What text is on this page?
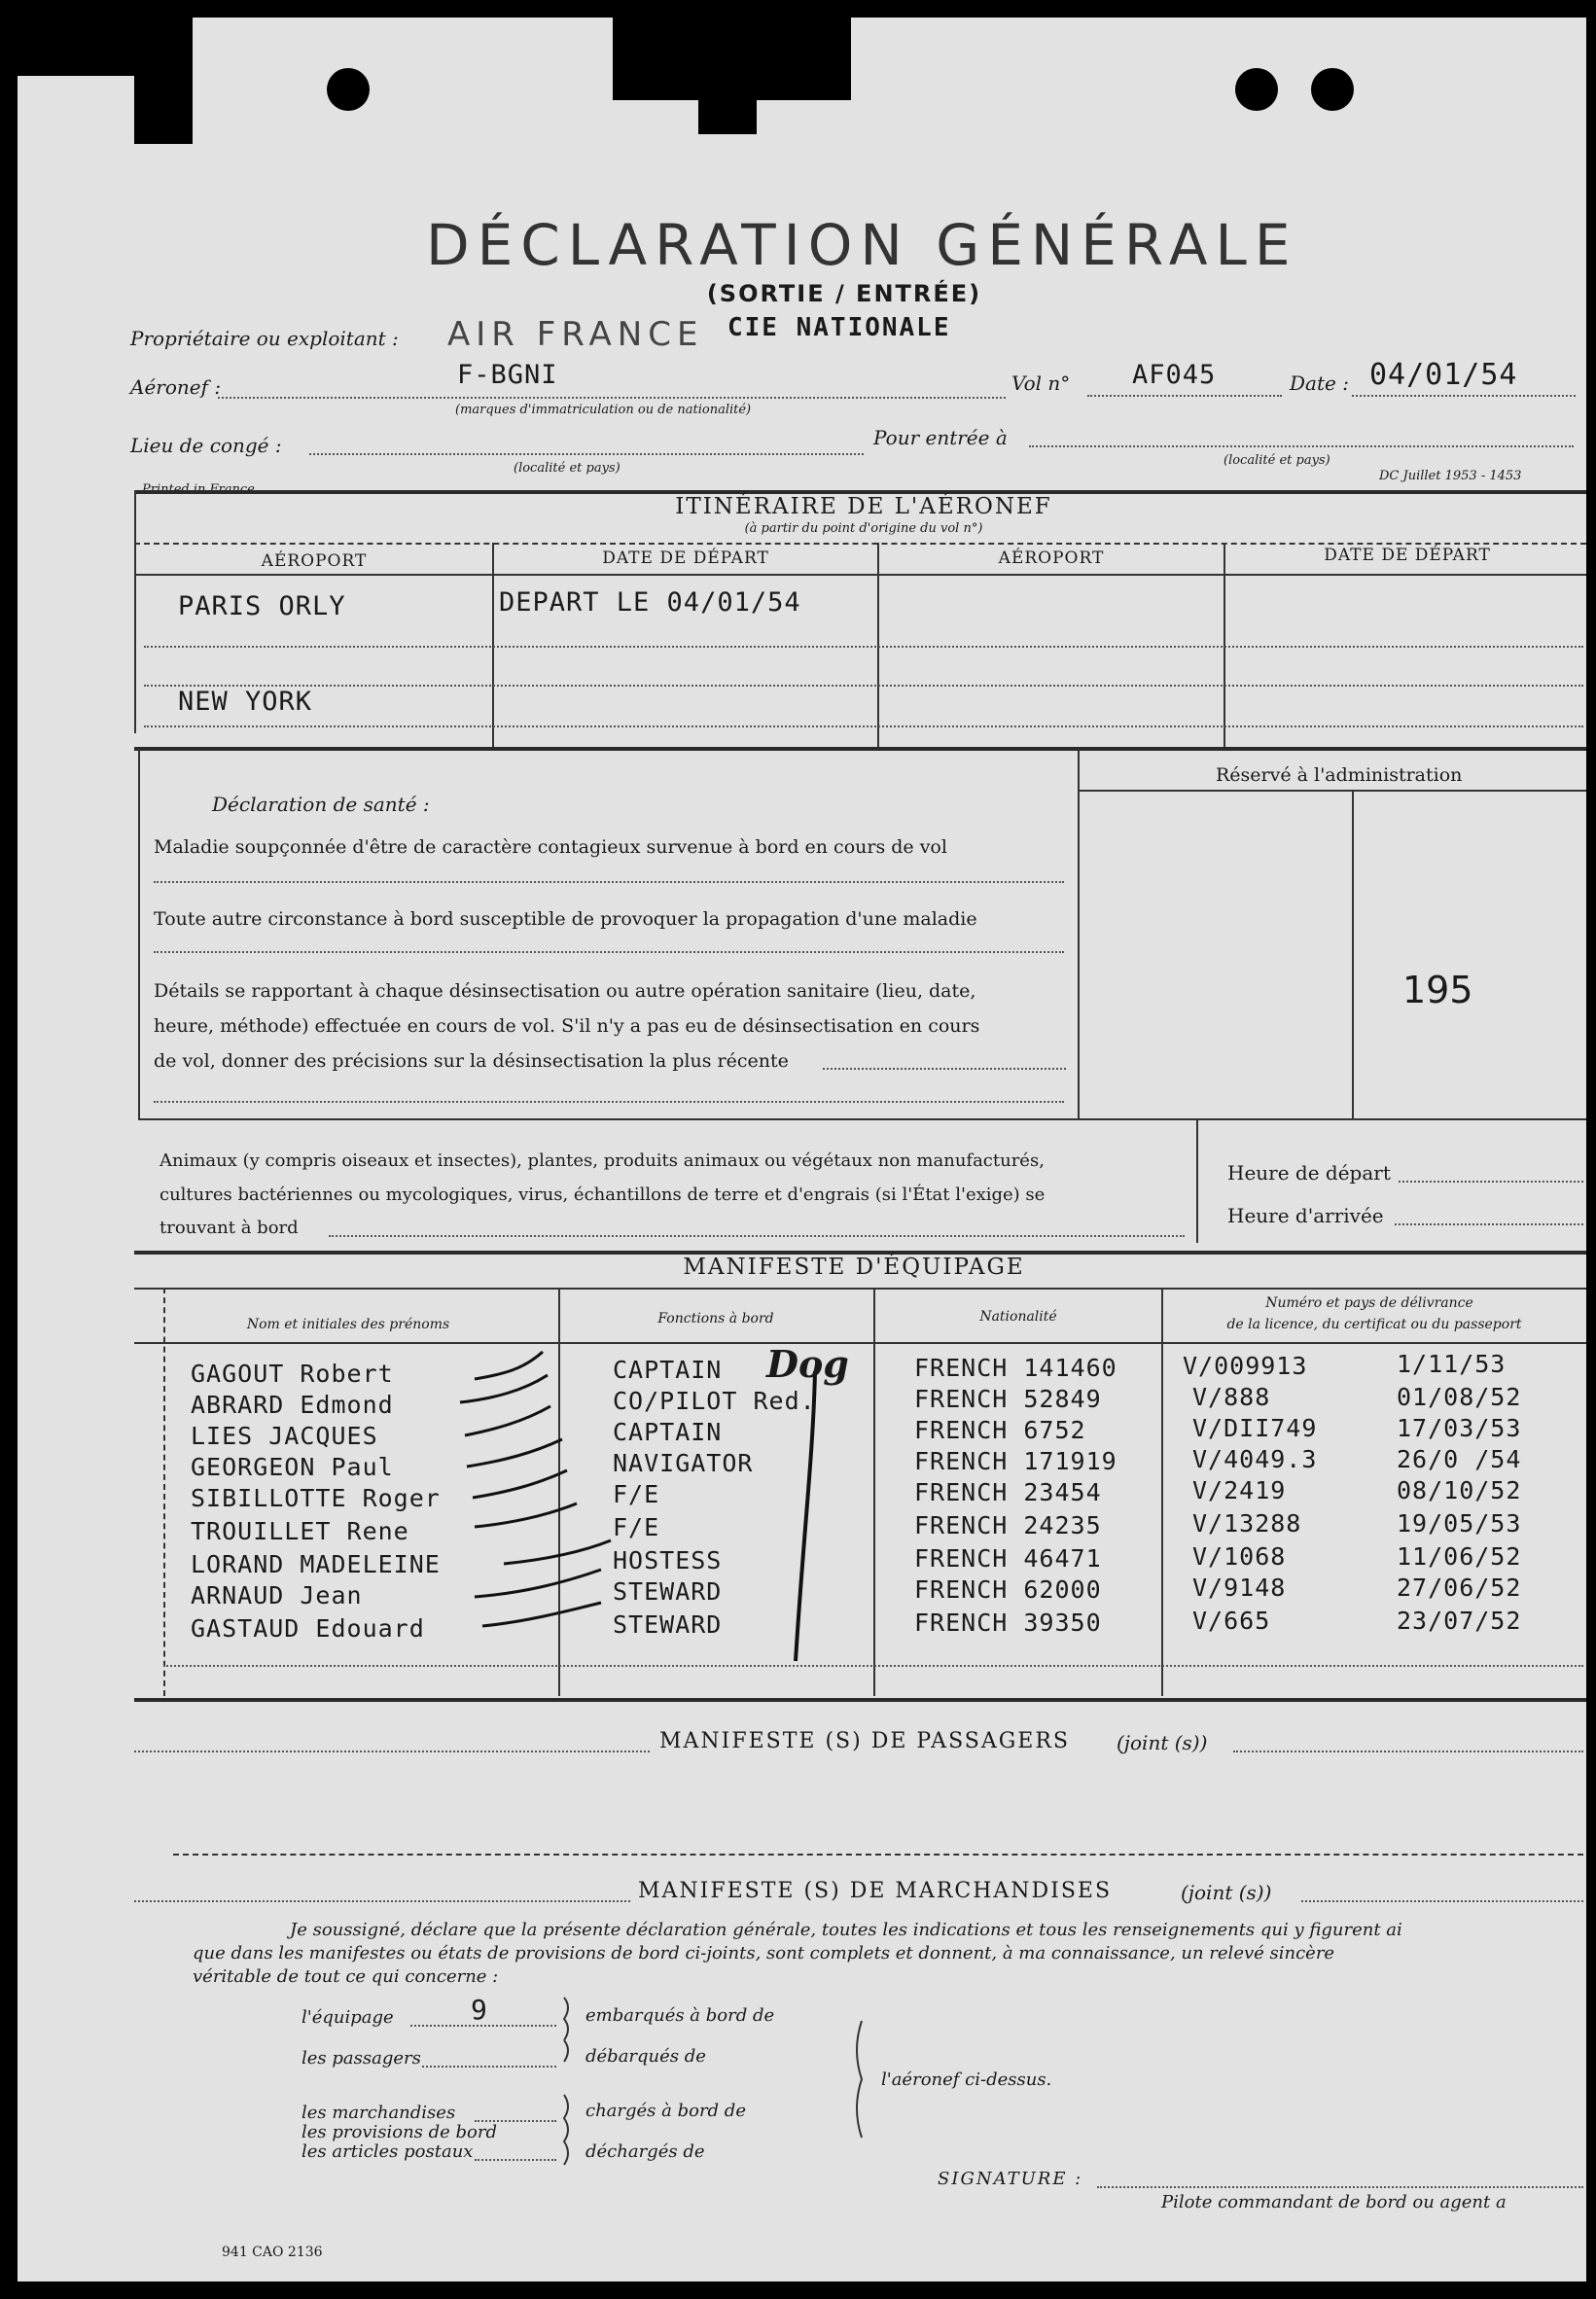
DÉCLARATION GÉNÉRALE
(SORTIE / ENTRÉE)
Propriétaire ou exploitant : AIR FRANCE CIE NATIONALE
Aéronef :	F-BGNI
(marques d'immatriculation ou de nationalité)
Vol n° AF045	Date : 04/01/54
Lieu de congé :
(localité et pays)
Pour entrée à
(localité et pays)
Printed in France
DC Juillet 1953 - 1453
ITINÉRAIRE DE L'AÉRONEF
(à partir du point d'origine du vol n°)
AÉROPORT	DATE DE DÉPART	AÉROPORT	DATE DE DÉPART
PARIS ORLY	DEPART LE 04/01/54
NEW YORK
Déclaration de santé :
Maladie soupçonnée d'être de caractère contagieux survenue à bord en cours de vol
Toute autre circonstance à bord susceptible de provoquer la propagation d'une maladie
Détails se rapportant à chaque désinsectisation ou autre opération sanitaire (lieu, date,
heure, méthode) effectuée en cours de vol. S'il n'y a pas eu de désinsectisation en cours
de vol, donner des précisions sur la désinsectisation la plus récente
Réservé à l'administration
195
Animaux (y compris oiseaux et insectes), plantes, produits animaux ou végétaux non manufacturés,
cultures bactériennes ou mycologiques, virus, échantillons de terre et d'engrais (si l'État l'exige) se
trouvant à bord
Heure de départ
Heure d'arrivée
MANIFESTE D'ÉQUIPAGE
Nom et initiales des prénoms	Fonctions à bord	Nationalité
Numéro et pays de délivrance
de la licence, du certificat ou du passeport
GAGOUT Robert	CAPTAIN	FRENCH 141460	V/009913	1/11/53
ABRARD Edmond	CO/PILOT Red.	FRENCH 52849	V/888	01/08/52
LIES JACQUES	CAPTAIN	FRENCH 6752	V/DII749	17/03/53
GEORGEON Paul	NAVIGATOR	FRENCH 171919	V/4049.3	26/0 /54
SIBILLOTTE Roger	F/E	FRENCH 23454	V/2419	08/10/52
TROUILLET Rene	F/E	FRENCH 24235	V/13288	19/05/53
LORAND MADELEINE	HOSTESS	FRENCH 46471	V/1068	11/06/52
ARNAUD Jean	STEWARD	FRENCH 62000	V/9148	27/06/52
GASTAUD Edouard	STEWARD	FRENCH 39350	V/665	23/07/52
Dog
MANIFESTE (S) DE PASSAGERS (joint (s))
MANIFESTE (S) DE MARCHANDISES	(joint (s))
Je soussigné, déclare que la présente déclaration générale, toutes les indications et tous les renseignements qui y figurent ai
que dans les manifestes ou états de provisions de bord ci-joints, sont complets et donnent, à ma connaissance, un relevé sincère
véritable de tout ce qui concerne :
l'équipage	9
les passagers
les marchandises
les provisions de bord
les articles postaux
embarqués à bord de
débarqués de
chargés à bord de
déchargés de
l'aéronef ci-dessus.
SIGNATURE :
Pilote commandant de bord ou agent a
941 CAO 2136
